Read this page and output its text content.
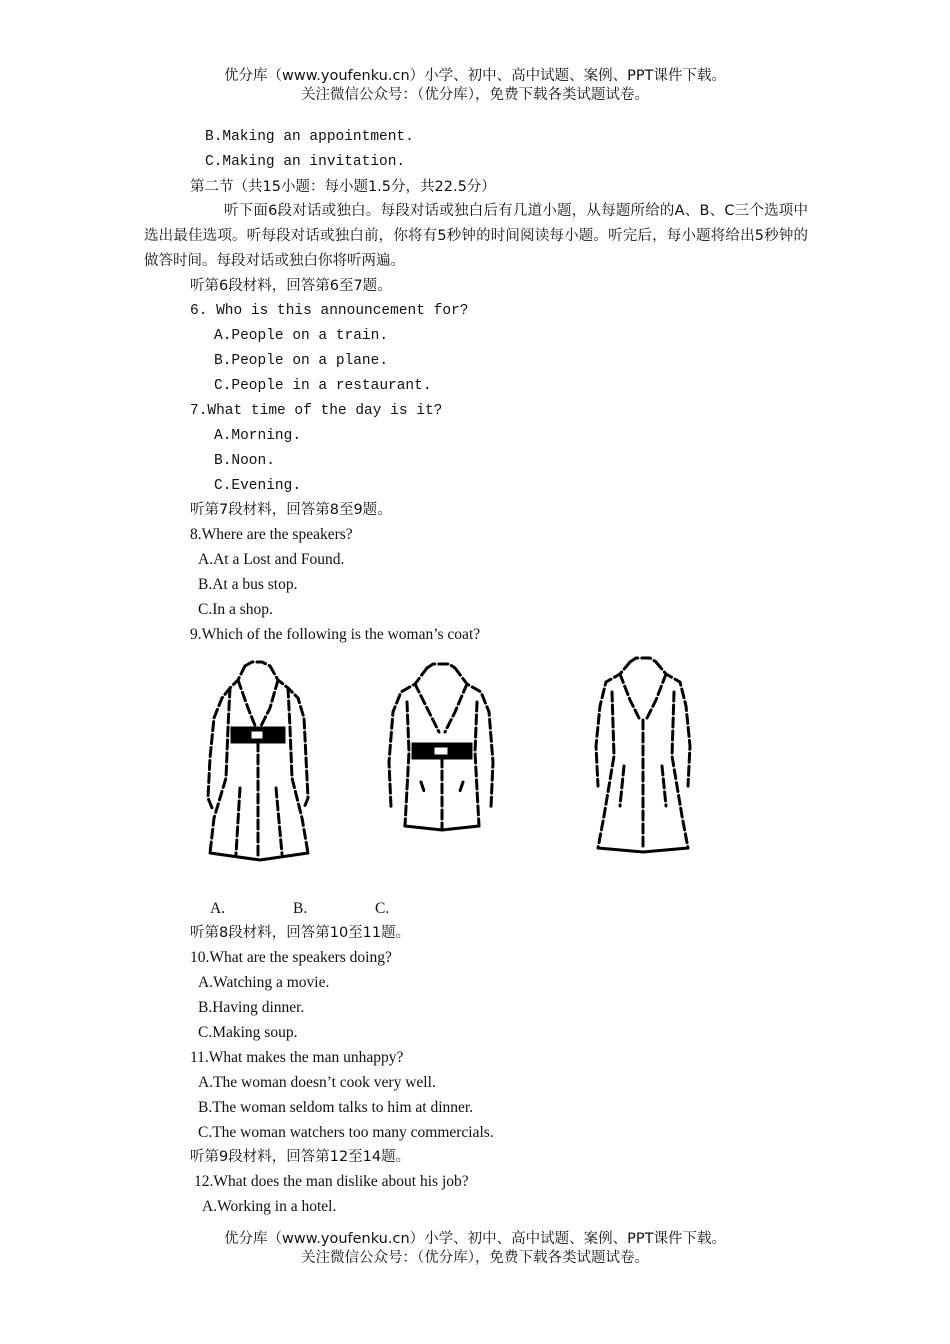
优分库（www.youfenku.cn）小学、初中、高中试题、案例、PPT课件下载。
关注微信公众号：（优分库），免费下载各类试题试卷。
B.Making an appointment.
C.Making an invitation.
第二节（共15小题：每小题1.5分，共22.5分）
听下面6段对话或独白。每段对话或独白后有几道小题，从每题所给的A、B、C三个选项中选出最佳选项。听每段对话或独白前，你将有5秒钟的时间阅读每小题。听完后，每小题将给出5秒钟的做答时间。每段对话或独白你将听两遍。
听第6段材料，回答第6至7题。
6. Who is this announcement for?
A.People on a train.
B.People on a plane.
C.People in a restaurant.
7.What time of the day is it?
A.Morning.
B.Noon.
C.Evening.
听第7段材料，回答第8至9题。
8.Where are the speakers?
A.At a Lost and Found.
B.At a bus stop.
C.In a shop.
9.Which of the following is the woman’s coat?
A.	B.	C.
听第8段材料，回答第10至11题。
10.What are the speakers doing?
A.Watching a movie.
B.Having dinner.
C.Making soup.
11.What makes the man unhappy?
A.The woman doesn’t cook very well.
B.The woman seldom talks to him at dinner.
C.The woman watchers too many commercials.
听第9段材料，回答第12至14题。
12.What does the man dislike about his job?
A.Working in a hotel.
优分库（www.youfenku.cn）小学、初中、高中试题、案例、PPT课件下载。
关注微信公众号：（优分库），免费下载各类试题试卷。
